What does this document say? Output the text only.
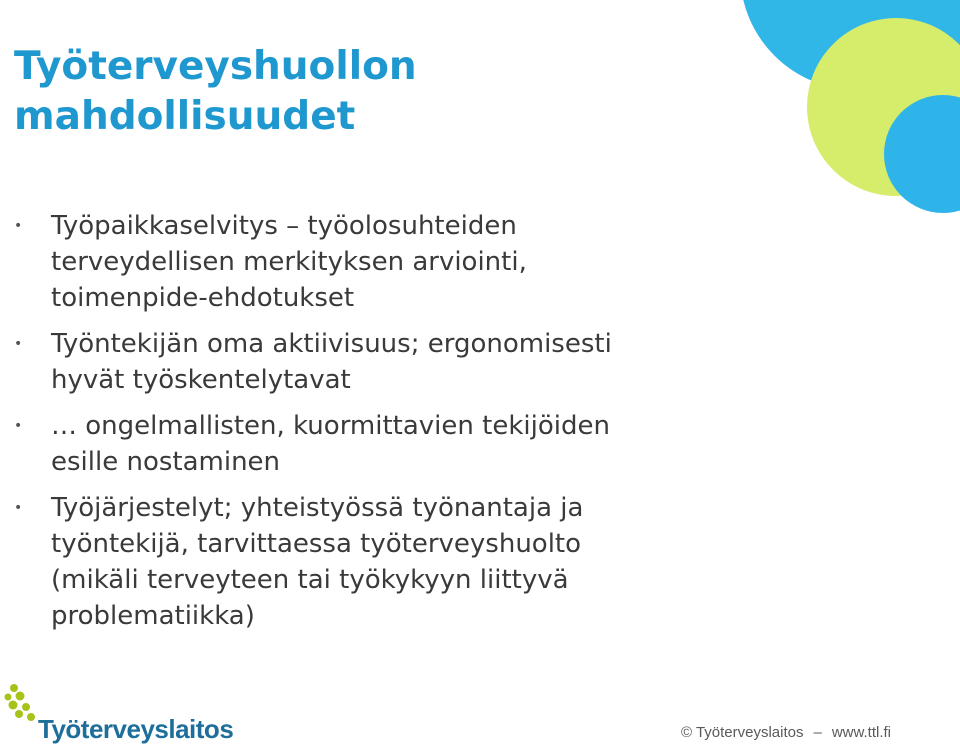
Työterveyshuollon
mahdollisuudet
• Työpaikkaselvitys – työolosuhteiden
terveydellisen merkityksen arviointi,
toimenpide-ehdotukset
• Työntekijän oma aktiivisuus; ergonomisesti
hyvät työskentelytavat
• … ongelmallisten, kuormittavien tekijöiden
esille nostaminen
• Työjärjestelyt; yhteistyössä työnantaja ja
työntekijä, tarvittaessa työterveyshuolto
(mikäli terveyteen tai työkykyyn liittyvä
problematiikka)
Työterveyslaitos	© Työterveyslaitos – www.ttl.fi
